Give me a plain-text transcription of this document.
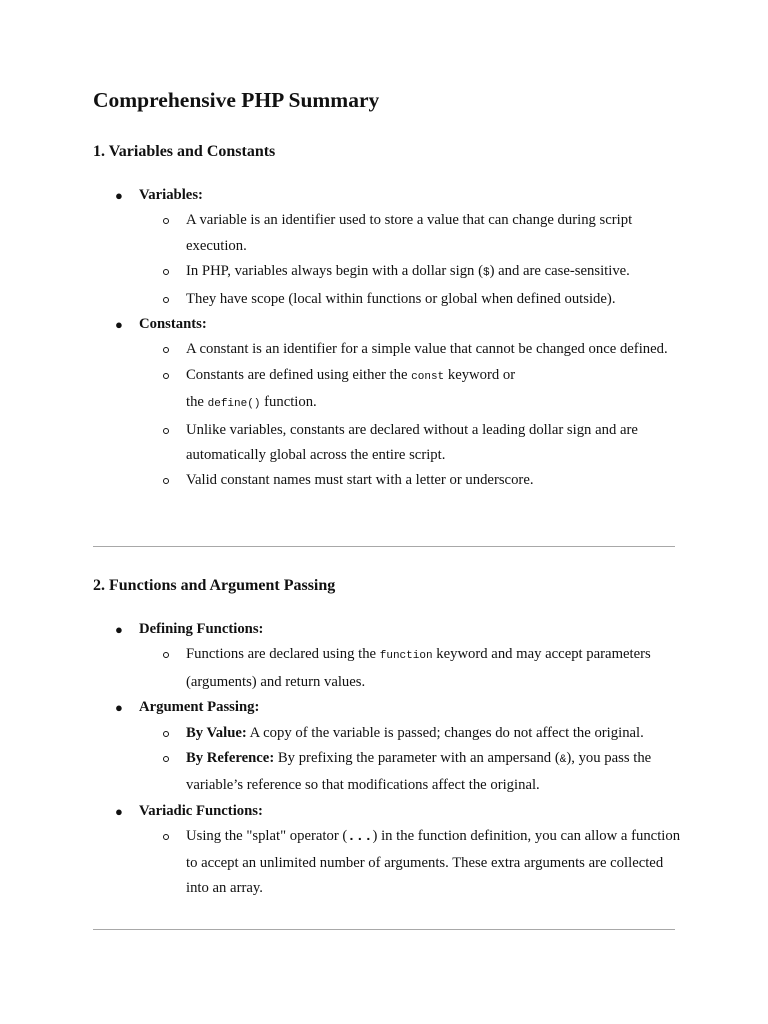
Comprehensive PHP Summary
1. Variables and Constants
● Variables:
A variable is an identifier used to store a value that can change during script execution.
In PHP, variables always begin with a dollar sign ($) and are case-sensitive.
They have scope (local within functions or global when defined outside).
● Constants:
A constant is an identifier for a simple value that cannot be changed once defined.
Constants are defined using either the const keyword or
the define() function.
Unlike variables, constants are declared without a leading dollar sign and are automatically global across the entire script.
Valid constant names must start with a letter or underscore.
2. Functions and Argument Passing
● Defining Functions:
Functions are declared using the function keyword and may accept parameters (arguments) and return values.
● Argument Passing:
By Value: A copy of the variable is passed; changes do not affect the original.
By Reference: By prefixing the parameter with an ampersand (&), you pass the variable’s reference so that modifications affect the original.
● Variadic Functions:
Using the "splat" operator (...) in the function definition, you can allow a function to accept an unlimited number of arguments. These extra arguments are collected into an array.
